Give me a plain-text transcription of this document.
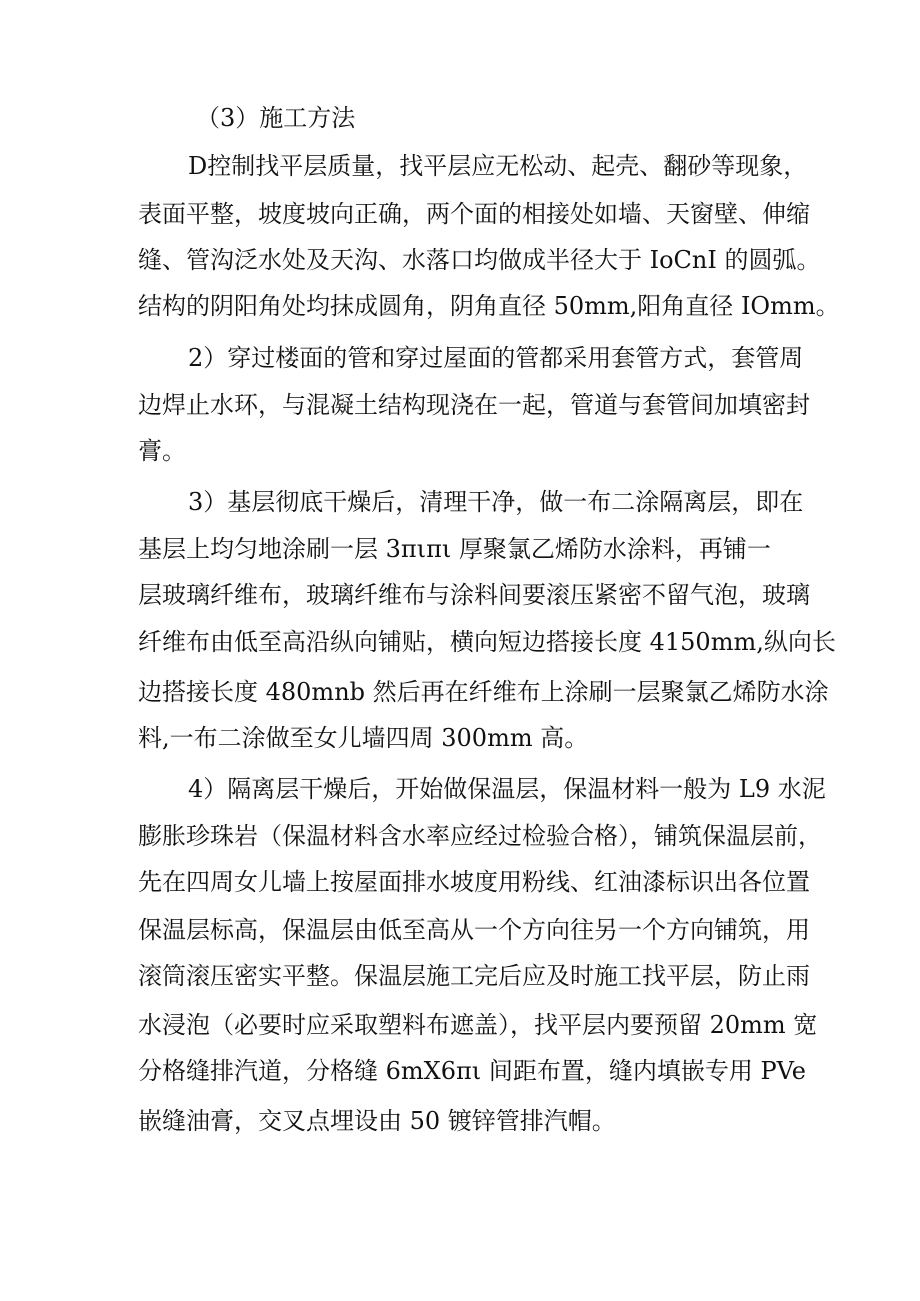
（3）施工方法
D控制找平层质量，找平层应无松动、起壳、翻砂等现象，
表面平整，坡度坡向正确，两个面的相接处如墙、天窗壁、伸缩
缝、管沟泛水处及天沟、水落口均做成半径大于 IoCnI 的圆弧。
结构的阴阳角处均抹成圆角，阴角直径 50mm,阳角直径 IOmm。
2）穿过楼面的管和穿过屋面的管都采用套管方式，套管周
边焊止水环，与混凝土结构现浇在一起，管道与套管间加填密封
膏。
3）基层彻底干燥后，清理干净，做一布二涂隔离层，即在
基层上均匀地涂刷一层 3πιπι 厚聚氯乙烯防水涂料，再铺一
层玻璃纤维布，玻璃纤维布与涂料间要滚压紧密不留气泡，玻璃
纤维布由低至高沿纵向铺贴，横向短边搭接长度 4150mm,纵向长
边搭接长度 480mnb 然后再在纤维布上涂刷一层聚氯乙烯防水涂
料,一布二涂做至女儿墙四周 300mm 高。
4）隔离层干燥后，开始做保温层，保温材料一般为 L9 水泥
膨胀珍珠岩（保温材料含水率应经过检验合格），铺筑保温层前，
先在四周女儿墙上按屋面排水坡度用粉线、红油漆标识出各位置
保温层标高，保温层由低至高从一个方向往另一个方向铺筑，用
滚筒滚压密实平整。保温层施工完后应及时施工找平层，防止雨
水浸泡（必要时应采取塑料布遮盖），找平层内要预留 20mm 宽
分格缝排汽道，分格缝 6mX6πι 间距布置，缝内填嵌专用 PVe
嵌缝油膏，交叉点埋设由 50 镀锌管排汽帽。
